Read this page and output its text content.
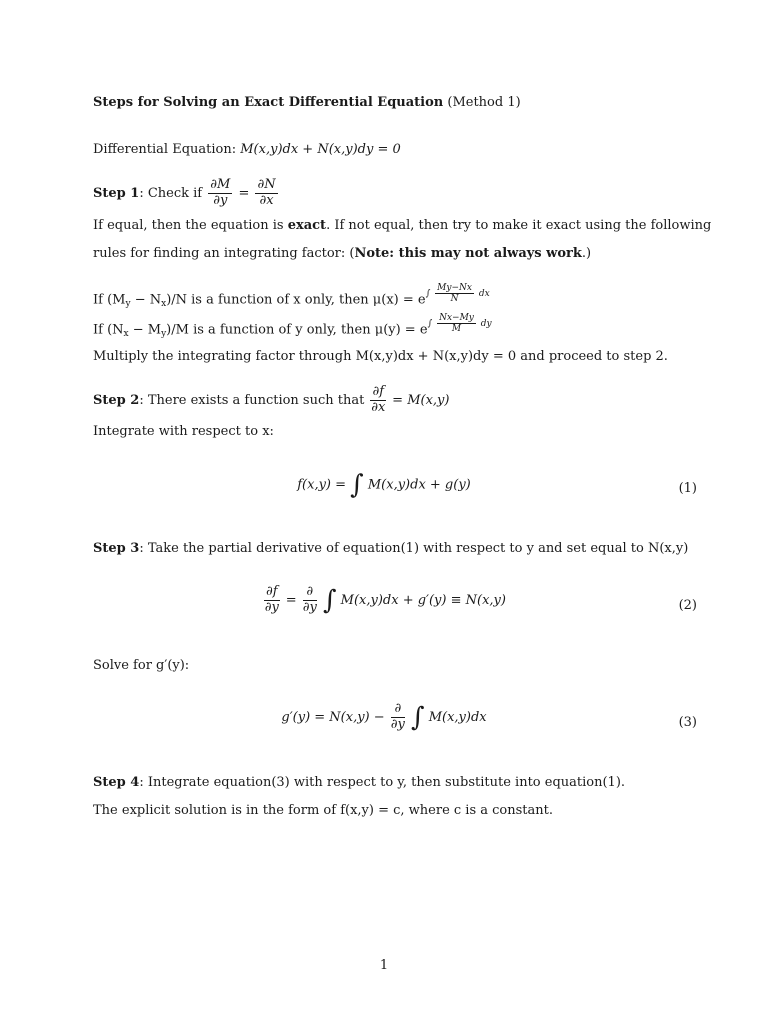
Steps for Solving an Exact Differential Equation (Method 1)
Differential Equation: M(x,y)dx + N(x,y)dy = 0
Step 1: Check if $\frac{\partial M}{\partial y} = \frac{\partial N}{\partial x}$
If equal, then the equation is exact. If not equal, then try to make it exact using the following
rules for finding an integrating factor: (Note: this may not always work.)
If $(M_y - N_x)/N$ is a function of x only, then $\mu(x) = e^{\int \frac{My-Nx}{N} dx}$
If $(N_x - M_y)/M$ is a function of y only, then $\mu(y) = e^{\int \frac{Nx-My}{M} dy}$
Multiply the integrating factor through M(x,y)dx + N(x,y)dy = 0 and proceed to step 2.
Step 2: There exists a function such that $\frac{\partial f}{\partial x} = M(x,y)$
Integrate with respect to x:
f(x,y) = ∫ M(x,y)dx + g(y)	(1)
Step 3: Take the partial derivative of equation(1) with respect to y and set equal to N(x,y)
$\frac{\partial f}{\partial y} = \frac{\partial}{\partial y}$ ∫ M(x,y)dx + g′(y) ≡ N(x,y)	(2)
Solve for g′(y):
$g'(y) = N(x,y) - \frac{\partial}{\partial y}$ ∫ M(x,y)dx	(3)
Step 4: Integrate equation(3) with respect to y, then substitute into equation(1).
The explicit solution is in the form of f(x,y) = c, where c is a constant.
1
